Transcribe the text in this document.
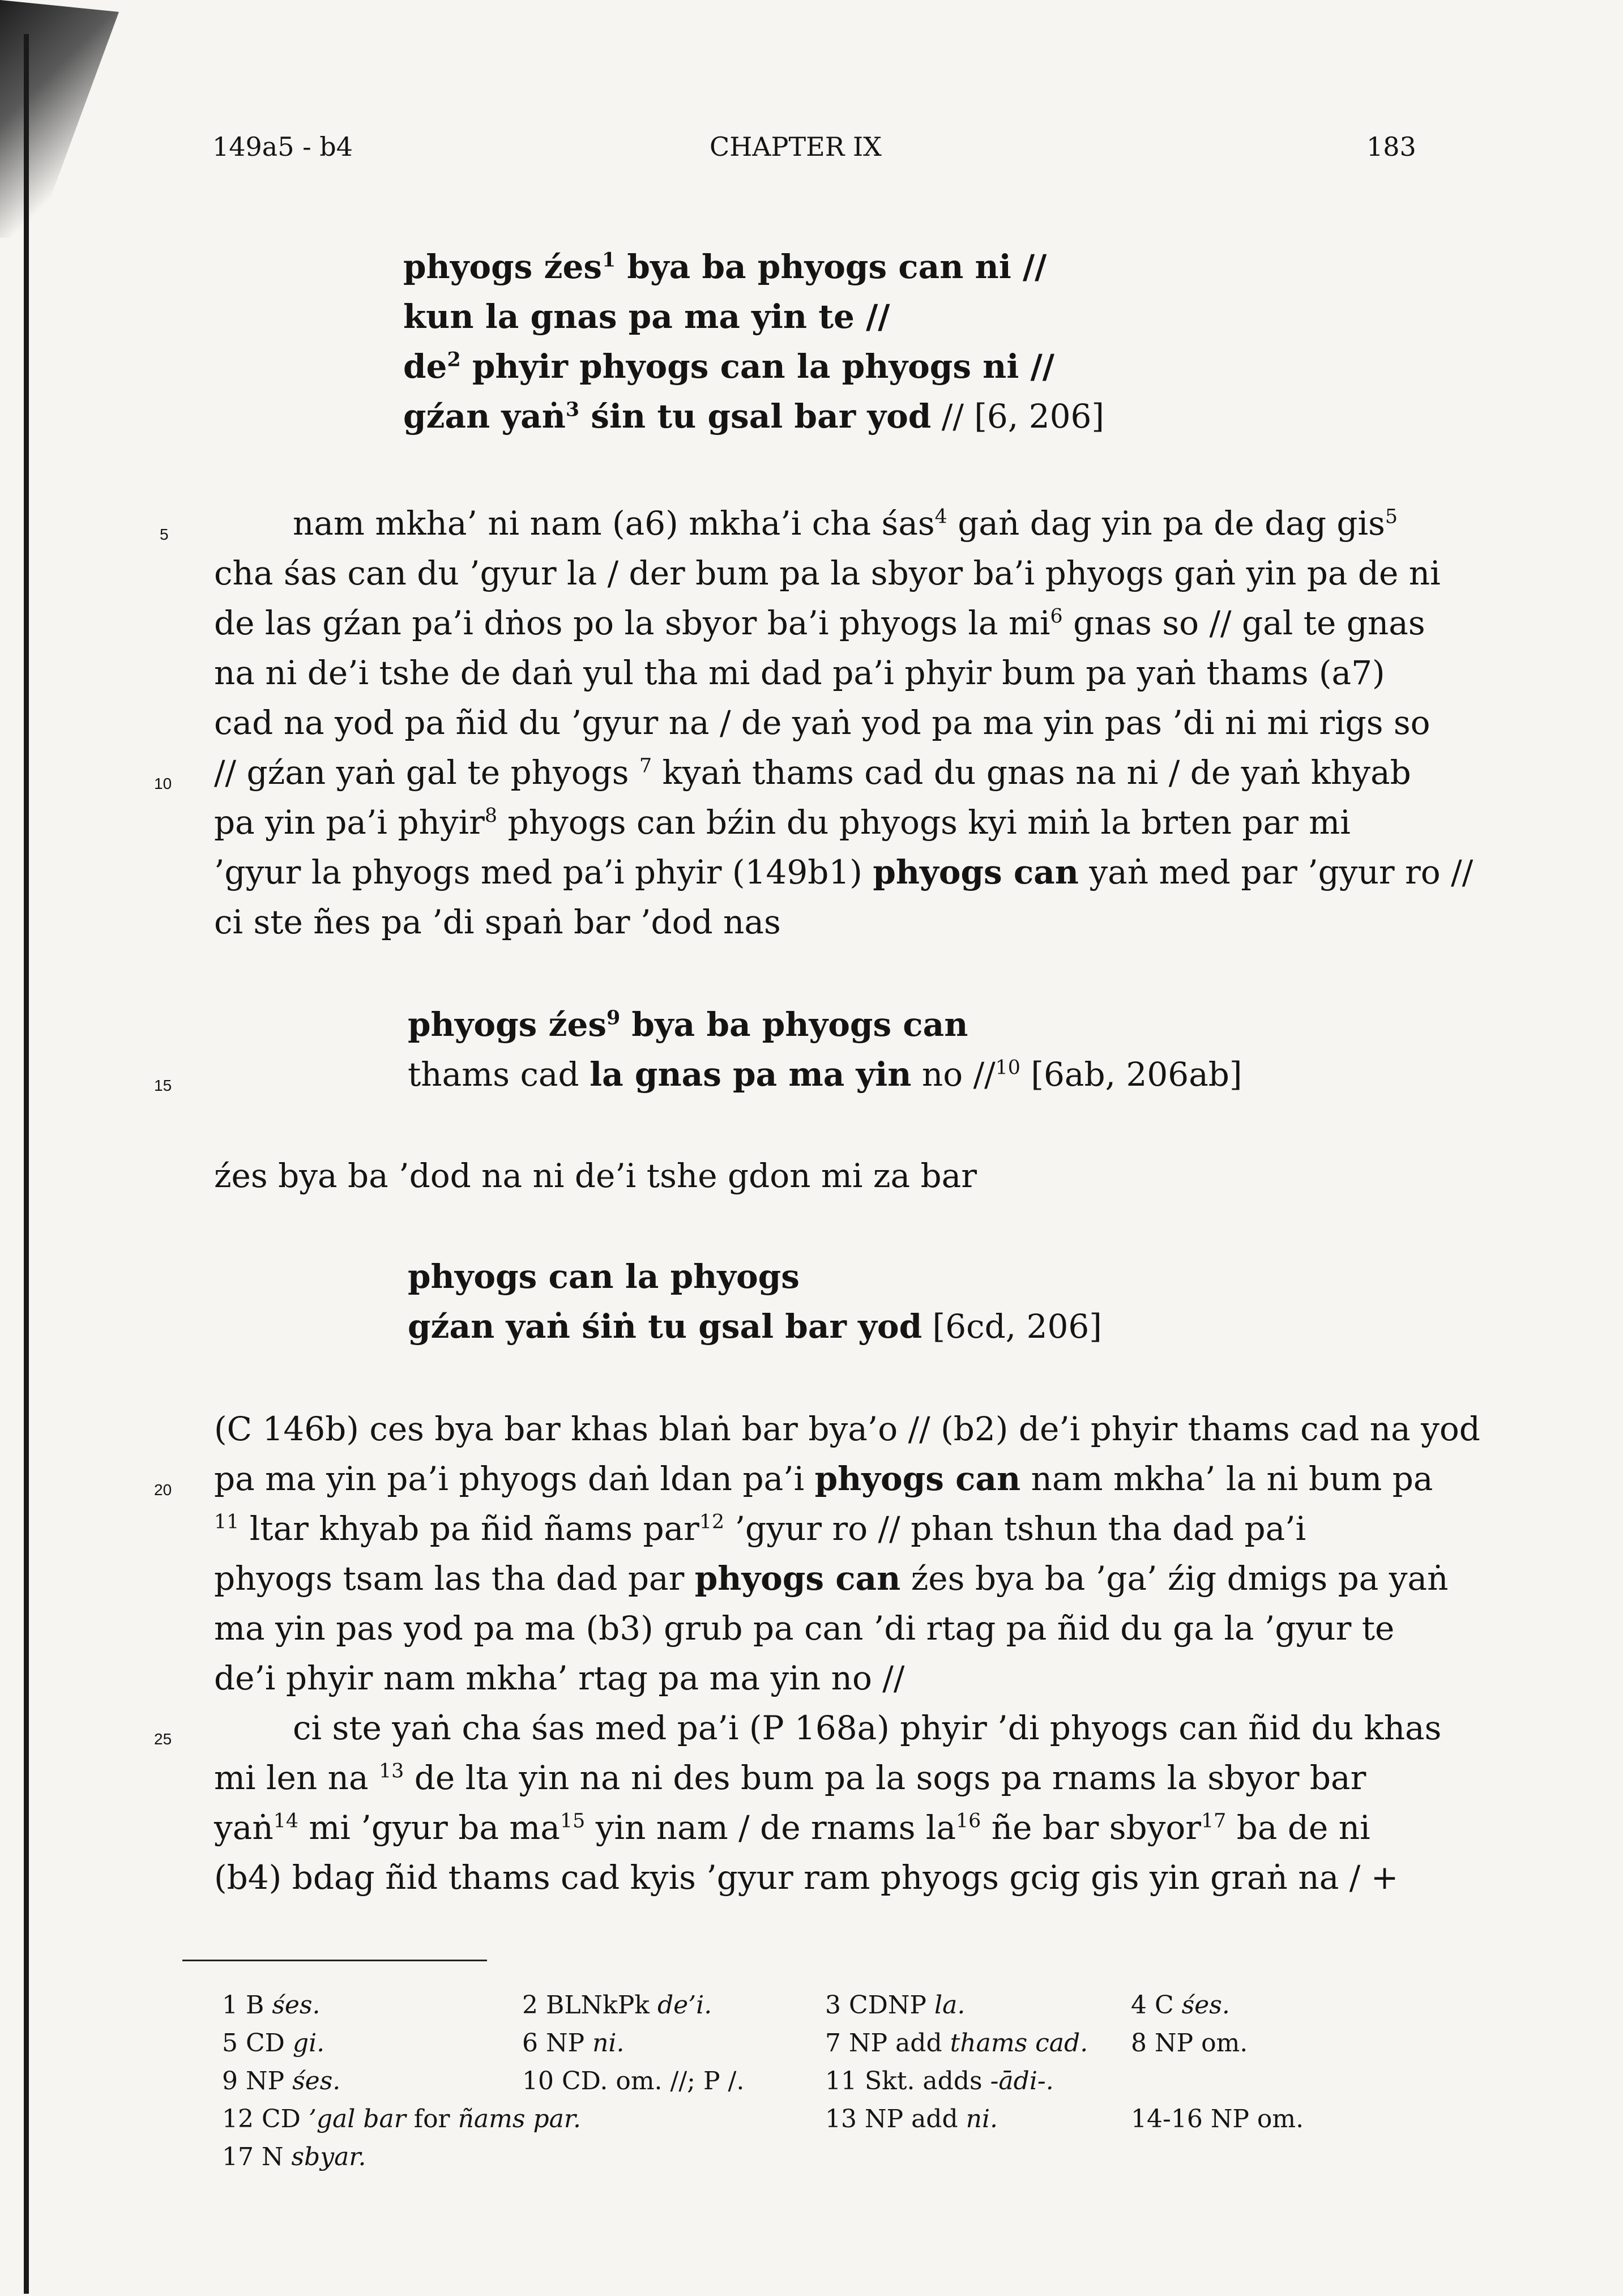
149a5 - b4	CHAPTER IX	183
phyogs źes$^1$ bya ba phyogs can ni //
kun la gnas pa ma yin te //
$de^2$ phyir phyogs can la phyogs ni //
gźan yaṅ$^3$ śin tu gsal bar yod // [6, 206]
5	nam mkha’ ni nam (a6) mkha’i cha śas$^4$ gaṅ dag yin pa de dag gis$^5$
cha śas can du ’gyur la / der bum pa la sbyor ba’i phyogs gaṅ yin pa de ni
de las gźan pa’i dṅos po la sbyor ba’i phyogs la $mi^6$ gnas so // gal te gnas
na ni de’i tshe de daṅ yul tha mi dad pa’i phyir bum pa yaṅ thams (a7)
cad na yod pa ñid du ’gyur na / de yaṅ yod pa ma yin pas ’di ni mi rigs so
10 // gźan yaṅ gal te phyogs $^7$ kyaṅ thams cad du gnas na ni / de yaṅ khyab
pa yin pa’i phyir$^8$ phyogs can bźin du phyogs kyi miṅ la brten par mi
’gyur la phyogs med pa’i phyir (149b1) phyogs can yaṅ med par ’gyur ro //
ci ste ñes pa ’di spaṅ bar ’dod nas
phyogs źes$^9$ bya ba phyogs can
15	thams cad la gnas pa ma yin no //$^{10}$ [6ab, 206ab]
źes bya ba ’dod na ni de’i tshe gdon mi za bar
phyogs can la phyogs
gźan yaṅ śiṅ tu gsal bar yod [6cd, 206]
(C 146b) ces bya bar khas blaṅ bar bya’o // (b2) de’i phyir thams cad na yod
20 pa ma yin pa’i phyogs daṅ ldan pa’i phyogs can nam mkha’ la ni bum pa
$^{11}$ ltar khyab pa ñid ñams par$^{12}$ ’gyur ro // phan tshun tha dad pa’i
phyogs tsam las tha dad par phyogs can źes bya ba ’ga’ źig dmigs pa yaṅ
ma yin pas yod pa ma (b3) grub pa can ’di rtag pa ñid du ga la ’gyur te
de’i phyir nam mkha’ rtag pa ma yin no //
25	ci ste yaṅ cha śas med pa’i (P 168a) phyir ’di phyogs can ñid du khas
mi len na $^{13}$ de lta yin na ni des bum pa la sogs pa rnams la sbyor bar
yaṅ$^{14}$ mi ’gyur ba $ma^{15}$ yin nam / de rnams $la^{16}$ ñe bar sbyor$^{17}$ ba de ni
(b4) bdag ñid thams cad kyis ’gyur ram phyogs gcig gis yin graṅ na / +
1 B śes.	2 BLNkPk de’i.	3 CDNP la.	4 C śes.
5 CD gi.	6 NP ni.	7 NP add thams cad. 8 NP om.
9 NP śes.	10 CD. om. //; P /.	11 Skt. adds -ādi-.
12 CD ’gal bar for ñams par.	13 NP add ni.	14-16 NP om.
17 N sbyar.
